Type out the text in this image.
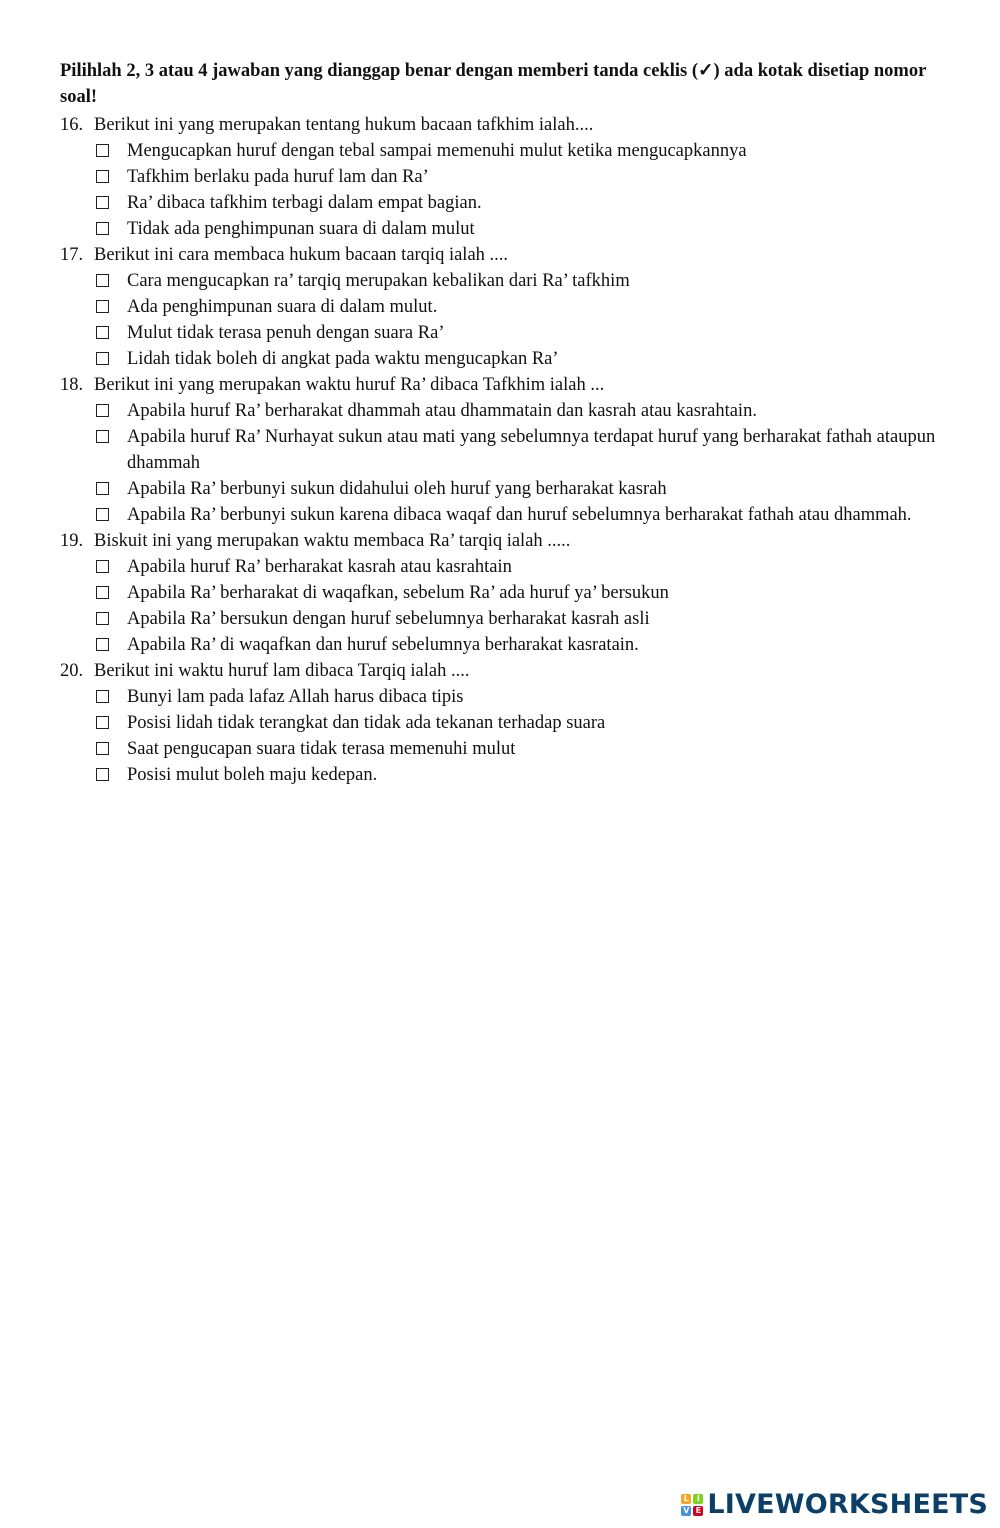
Pilihlah 2, 3 atau 4 jawaban yang dianggap benar dengan memberi tanda ceklis (✓) ada kotak disetiap nomor soal!

16. Berikut ini yang merupakan tentang hukum bacaan tafkhim ialah....
Mengucapkan huruf dengan tebal sampai memenuhi mulut ketika mengucapkannya
Tafkhim berlaku pada huruf lam dan Ra’
Ra’ dibaca tafkhim terbagi dalam empat bagian.
Tidak ada penghimpunan suara di dalam mulut
17. Berikut ini cara membaca hukum bacaan tarqiq ialah ....
Cara mengucapkan ra’ tarqiq merupakan kebalikan dari Ra’ tafkhim
Ada penghimpunan suara di dalam mulut.
Mulut tidak terasa penuh dengan suara Ra’
Lidah tidak boleh di angkat pada waktu mengucapkan Ra’
18. Berikut ini yang merupakan waktu huruf Ra’ dibaca Tafkhim ialah ...
Apabila huruf Ra’ berharakat dhammah atau dhammatain dan kasrah atau kasrahtain.
Apabila huruf Ra’ Nurhayat sukun atau mati yang sebelumnya terdapat huruf yang berharakat fathah ataupun dhammah
Apabila Ra’ berbunyi sukun didahului oleh huruf yang berharakat kasrah
Apabila Ra’ berbunyi sukun karena dibaca waqaf dan huruf sebelumnya berharakat fathah atau dhammah.
19. Biskuit ini yang merupakan waktu membaca Ra’ tarqiq ialah .....
Apabila huruf Ra’ berharakat kasrah atau kasrahtain
Apabila Ra’ berharakat di waqafkan, sebelum Ra’ ada huruf ya’ bersukun
Apabila Ra’ bersukun dengan huruf sebelumnya berharakat kasrah asli
Apabila Ra’ di waqafkan dan huruf sebelumnya berharakat kasratain.
20. Berikut ini waktu huruf lam dibaca Tarqiq ialah ....
Bunyi lam pada lafaz Allah harus dibaca tipis
Posisi lidah tidak terangkat dan tidak ada tekanan terhadap suara
Saat pengucapan suara tidak terasa memenuhi mulut
Posisi mulut boleh maju kedepan.
L I
V E LIVEWORKSHEETS
